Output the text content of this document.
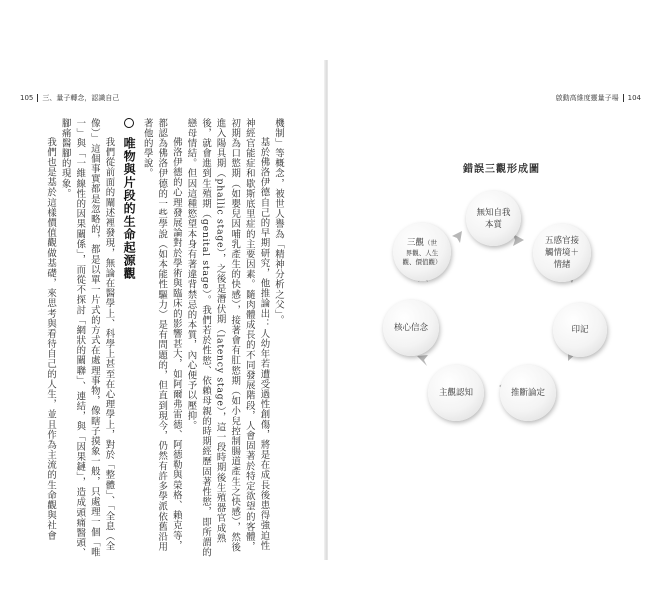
105 三、量子轉念，認識自己

機制」等概念，被世人譽為「精神分析之父」。

基於佛洛伊德自己的早期研究，他推論出：人幼年若遭受過性創傷，將是在成長後患得強迫性神經官能症和歇斯底里症的主要因素。隨肉體成長的不同發展階段，人會固著於特定欲望的客體，初期為口慾期（如嬰兒因哺乳產生的快感），接著會有肛慾期（如小兒控制腸道產生之快感），然後進入陽具期（phallic stage），之後是潛伏期（latency stage），這一段時期後生殖器官成熟後，就會進到生殖期（genital stage）。我們若於性慾、依賴母親的時期經歷固著性慾，即所謂的戀母情結。但因這種慾望本身有著違背禁忌的本質，內心便予以壓抑。

佛洛伊德的心理發展論對於學術與臨床的影響甚大，如阿爾弗雷德、阿德勒與榮格、賴克等，都認為佛洛伊德的一些學說（如本能性驅力）是有問題的，但直到現今，仍然有許多學派依舊沿用著他的學說。

唯物與片段的生命起源觀

我們從前面的闡述裡發現，無論在醫學上、科學上甚至在心理學上，對於「整體」、「全息（全像）」這個事實都是忽略的，都是以單一片式的方式在處理事物，像瞎子摸象一般，只處理一個「唯一」與「一維線性的因果關係」，而從不探討「網狀的關聯」、連結，與「因果鏈」，造成頭痛醫頭、腳痛醫腳的現象。

我們也是基於這樣價值觀做基礎，來思考與看待自己的人生，並且作為主流的生命觀與社會

啟動高維度靈量子場 104
錯誤三觀形成圖
無知自我
本質
五感官接
觸情境＋
情緒
印記
推斷論定
主觀認知
核心信念
三觀（世
界觀、人生
觀、價值觀）
